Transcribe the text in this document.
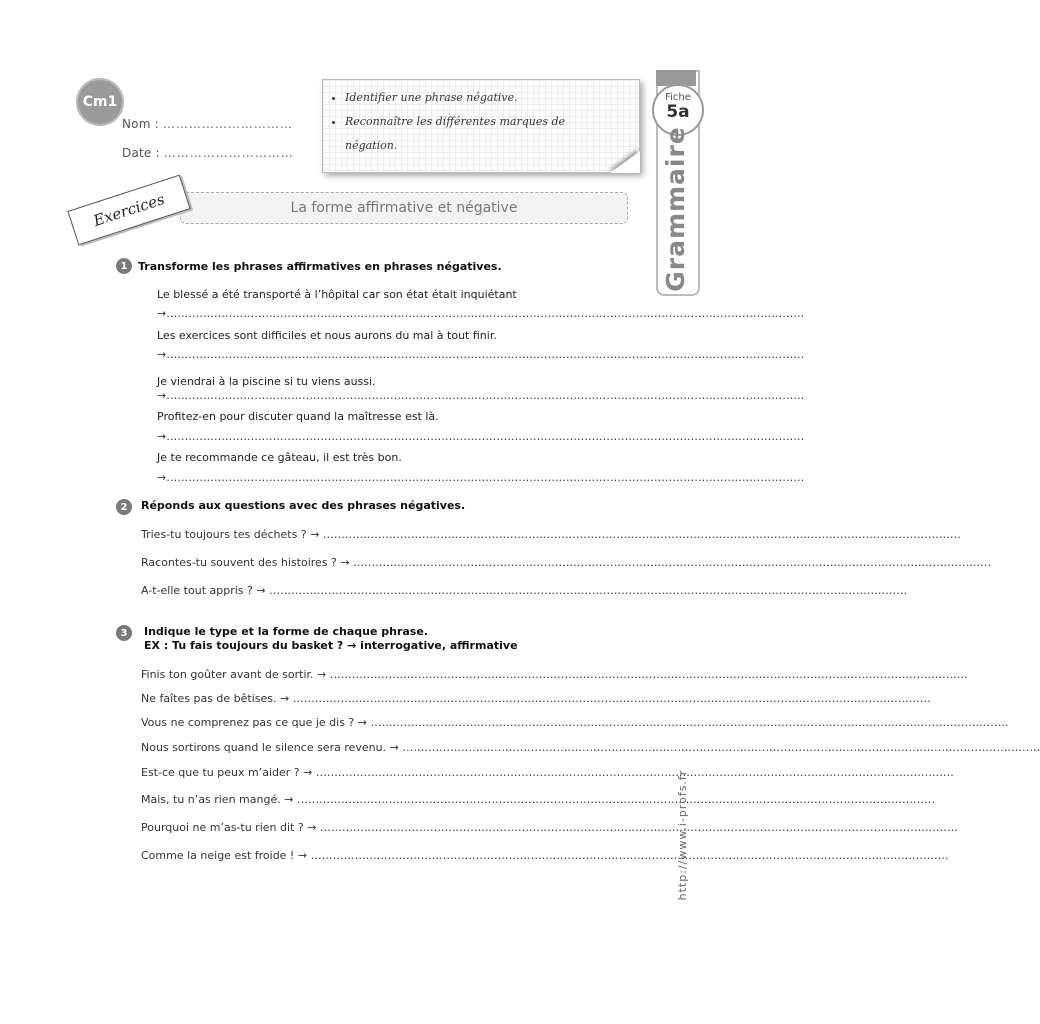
Cm1
Nom : …………………………
Date : …………………………
• Identifier une phrase négative.
• Reconnaître les différentes marques de négation.
Fiche
5a
Grammaire
La forme affirmative et négative
Exercices
1 Transforme les phrases affirmatives en phrases négatives.
Le blessé a été transporté à l’hôpital car son état était inquiétant
→…………………………………………………………………………………………………………………………………………………………
Les exercices sont difficiles et nous aurons du mal à tout finir.
→…………………………………………………………………………………………………………………………………………………………
Je viendrai à la piscine si tu viens aussi.
→…………………………………………………………………………………………………………………………………………………………
Profitez-en pour discuter quand la maîtresse est là.
→…………………………………………………………………………………………………………………………………………………………
Je te recommande ce gâteau, il est très bon.
→…………………………………………………………………………………………………………………………………………………………
2	Réponds aux questions avec des phrases négatives.
Tries-tu toujours tes déchets ? → …………………………………………………………………………………………………………………………………………………………
Racontes-tu souvent des histoires ? → …………………………………………………………………………………………………………………………………………………………
A-t-elle tout appris ? → …………………………………………………………………………………………………………………………………………………………
3	Indique le type et la forme de chaque phrase.
EX : Tu fais toujours du basket ? → interrogative, affirmative
Finis ton goûter avant de sortir. → …………………………………………………………………………………………………………………………………………………………
Ne faîtes pas de bêtises. → …………………………………………………………………………………………………………………………………………………………
Vous ne comprenez pas ce que je dis ? → …………………………………………………………………………………………………………………………………………………………
Nous sortirons quand le silence sera revenu. → …………………………………………………………………………………………………………………………………………………………
Est-ce que tu peux m’aider ? → …………………………………………………………………………………………………………………………………………………………
Mais, tu n’as rien mangé. → …………………………………………………………………………………………………………………………………………………………
Pourquoi ne m’as-tu rien dit ? → …………………………………………………………………………………………………………………………………………………………
Comme la neige est froide ! → …………………………………………………………………………………………………………………………………………………………
http://www.i-profs.fr
